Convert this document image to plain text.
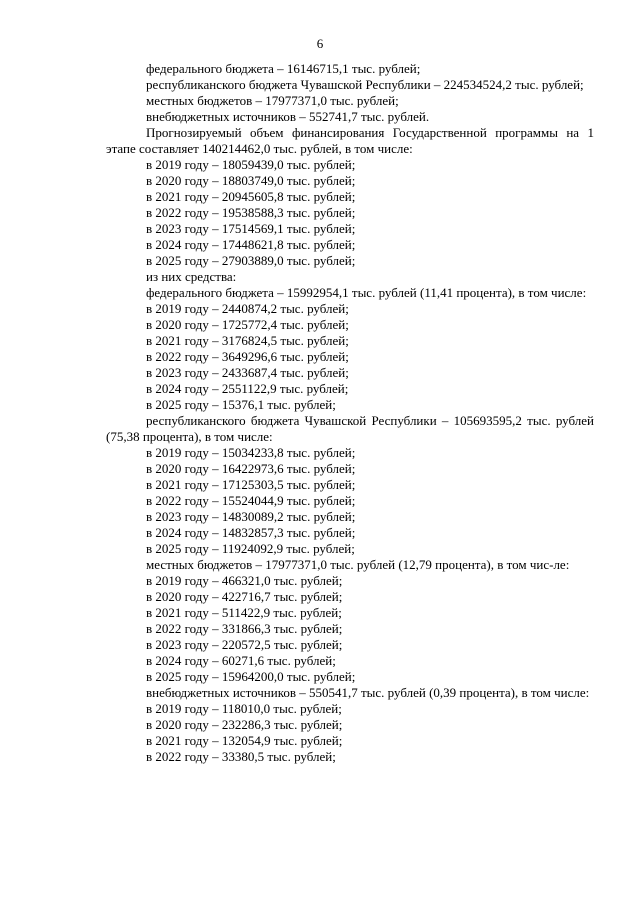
6

федерального бюджета – 16146715,1 тыс. рублей;

республиканского бюджета Чувашской Республики – 224534524,2 тыс. рублей;

местных бюджетов – 17977371,0 тыс. рублей;

внебюджетных источников – 552741,7 тыс. рублей.

Прогнозируемый объем финансирования Государственной программы на 1 этапе составляет 140214462,0 тыс. рублей, в том числе:

в 2019 году – 18059439,0 тыс. рублей;

в 2020 году – 18803749,0 тыс. рублей;

в 2021 году – 20945605,8 тыс. рублей;

в 2022 году – 19538588,3 тыс. рублей;

в 2023 году – 17514569,1 тыс. рублей;

в 2024 году – 17448621,8 тыс. рублей;

в 2025 году – 27903889,0 тыс. рублей;

из них средства:

федерального бюджета – 15992954,1 тыс. рублей (11,41 процента), в том числе:

в 2019 году – 2440874,2 тыс. рублей;

в 2020 году – 1725772,4 тыс. рублей;

в 2021 году – 3176824,5 тыс. рублей;

в 2022 году – 3649296,6 тыс. рублей;

в 2023 году – 2433687,4 тыс. рублей;

в 2024 году – 2551122,9 тыс. рублей;

в 2025 году – 15376,1 тыс. рублей;

республиканского бюджета Чувашской Республики – 105693595,2 тыс. рублей (75,38 процента), в том числе:

в 2019 году – 15034233,8 тыс. рублей;

в 2020 году – 16422973,6 тыс. рублей;

в 2021 году – 17125303,5 тыс. рублей;

в 2022 году – 15524044,9 тыс. рублей;

в 2023 году – 14830089,2 тыс. рублей;

в 2024 году – 14832857,3 тыс. рублей;

в 2025 году – 11924092,9 тыс. рублей;

местных бюджетов – 17977371,0 тыс. рублей (12,79 процента), в том чис-ле:

в 2019 году – 466321,0 тыс. рублей;

в 2020 году – 422716,7 тыс. рублей;

в 2021 году – 511422,9 тыс. рублей;

в 2022 году – 331866,3 тыс. рублей;

в 2023 году – 220572,5 тыс. рублей;

в 2024 году – 60271,6 тыс. рублей;

в 2025 году – 15964200,0 тыс. рублей;

внебюджетных источников – 550541,7 тыс. рублей (0,39 процента), в том числе:

в 2019 году – 118010,0 тыс. рублей;

в 2020 году – 232286,3 тыс. рублей;

в 2021 году – 132054,9 тыс. рублей;

в 2022 году – 33380,5 тыс. рублей;
